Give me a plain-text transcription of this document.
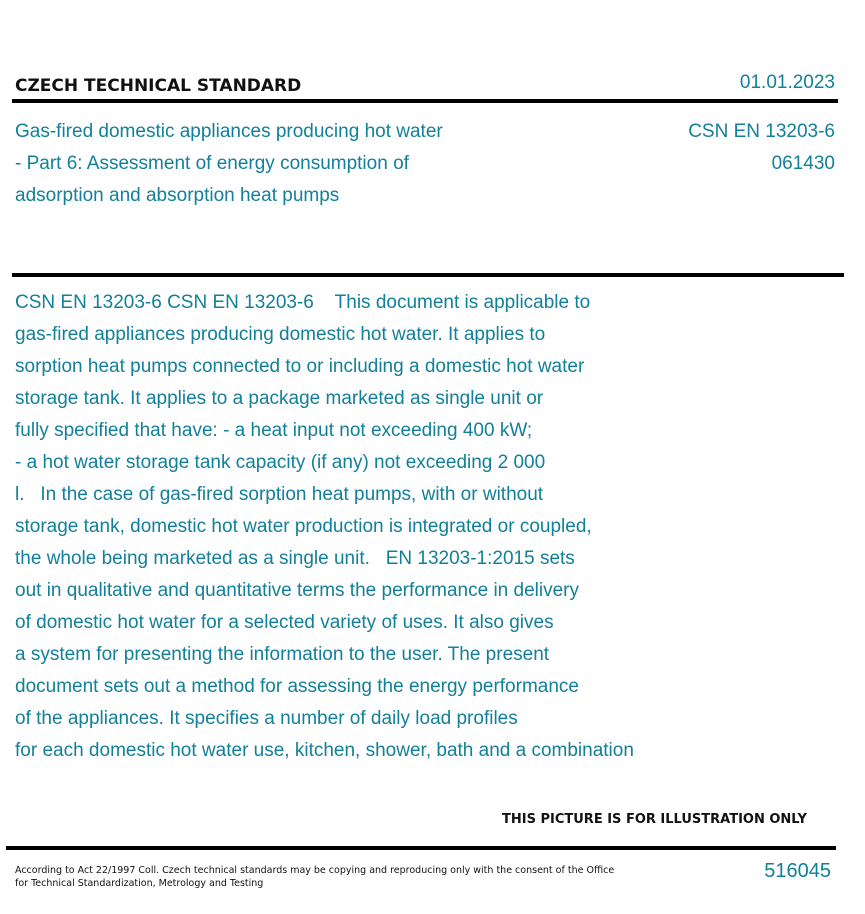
CZECH TECHNICAL STANDARD	01.01.2023
Gas-fired domestic appliances producing hot water
- Part 6: Assessment of energy consumption of
adsorption and absorption heat pumps
CSN EN 13203-6
061430
CSN EN 13203-6 CSN EN 13203-6    This document is applicable to
gas-fired appliances producing domestic hot water. It applies to
sorption heat pumps connected to or including a domestic hot water
storage tank. It applies to a package marketed as single unit or
fully specified that have: - a heat input not exceeding 400 kW;
- a hot water storage tank capacity (if any) not exceeding 2 000
l.   In the case of gas-fired sorption heat pumps, with or without
storage tank, domestic hot water production is integrated or coupled,
the whole being marketed as a single unit.   EN 13203-1:2015 sets
out in qualitative and quantitative terms the performance in delivery
of domestic hot water for a selected variety of uses. It also gives
a system for presenting the information to the user. The present
document sets out a method for assessing the energy performance
of the appliances. It specifies a number of daily load profiles
for each domestic hot water use, kitchen, shower, bath and a combination
THIS PICTURE IS FOR ILLUSTRATION ONLY
According to Act 22/1997 Coll. Czech technical standards may be copying and reproducing only with the consent of the Office
for Technical Standardization, Metrology and Testing
516045
